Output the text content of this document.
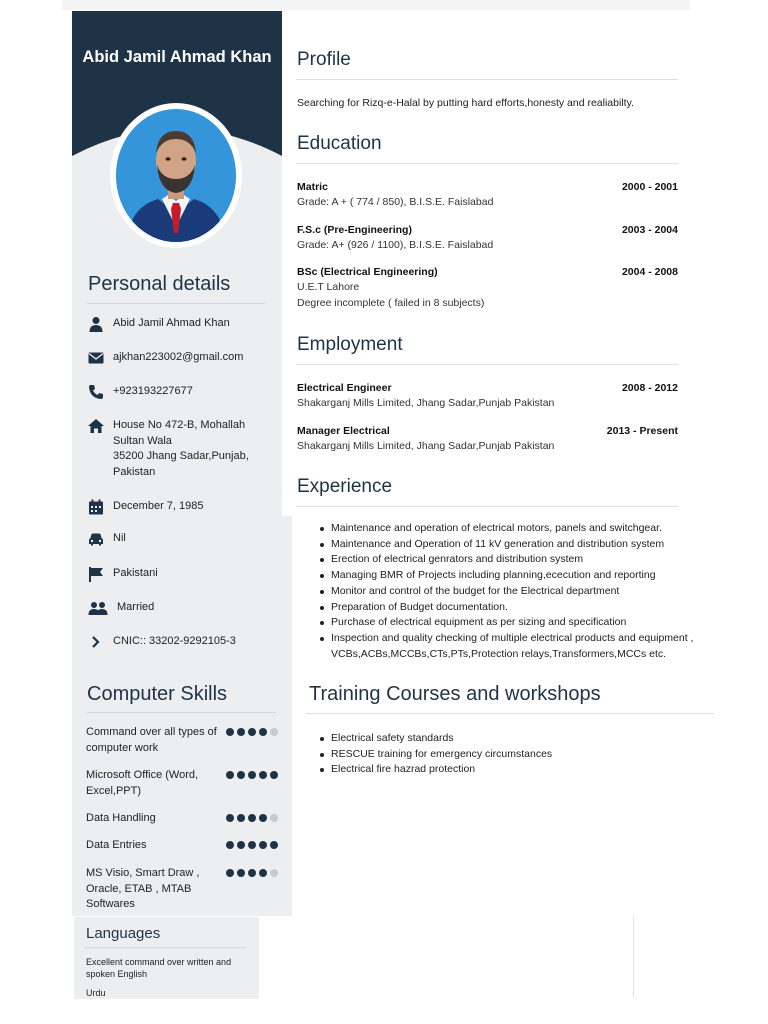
Abid Jamil Ahmad Khan
Personal details
Abid Jamil Ahmad Khan
ajkhan223002@gmail.com
+923193227677
House No 472-B, Mohallah Sultan Wala
35200 Jhang Sadar,Punjab, Pakistan
December 7, 1985
Nil
Pakistani
Married
CNIC:: 33202-9292105-3
Computer Skills
Command over all types of computer work
Microsoft Office (Word, Excel,PPT)
Data Handling
Data Entries
MS Visio, Smart Draw , Oracle, ETAB , MTAB Softwares
Languages
Excellent command over written and spoken English
Urdu
Profile
Searching for Rizq-e-Halal by putting hard efforts,honesty and realiabilty.
Education
Matric	2000 - 2001
Grade: A + ( 774 / 850), B.I.S.E. Faislabad
F.S.c (Pre-Engineering)	2003 - 2004
Grade: A+ (926 / 1100), B.I.S.E. Faislabad
BSc (Electrical Engineering)	2004 - 2008
U.E.T Lahore
Degree incomplete ( failed in 8 subjects)
Employment
Electrical Engineer	2008 - 2012
Shakarganj Mills Limited, Jhang Sadar,Punjab Pakistan
Manager Electrical	2013 - Present
Shakarganj Mills Limited, Jhang Sadar,Punjab Pakistan
Experience
Maintenance and operation of electrical motors, panels and switchgear.
Maintenance and Operation of 11 kV generation and distribution system
Erection of electrical genrators and distribution system
Managing BMR of Projects including planning,ececution and reporting
Monitor and control of the budget for the Electrical department
Preparation of Budget documentation.
Purchase of electrical equipment as per sizing and specification
Inspection and quality checking of multiple electrical products and equipment , VCBs,ACBs,MCCBs,CTs,PTs,Protection relays,Transformers,MCCs etc.
Training Courses and workshops
Electrical safety standards
RESCUE training for emergency circumstances
Electrical fire hazrad protection
